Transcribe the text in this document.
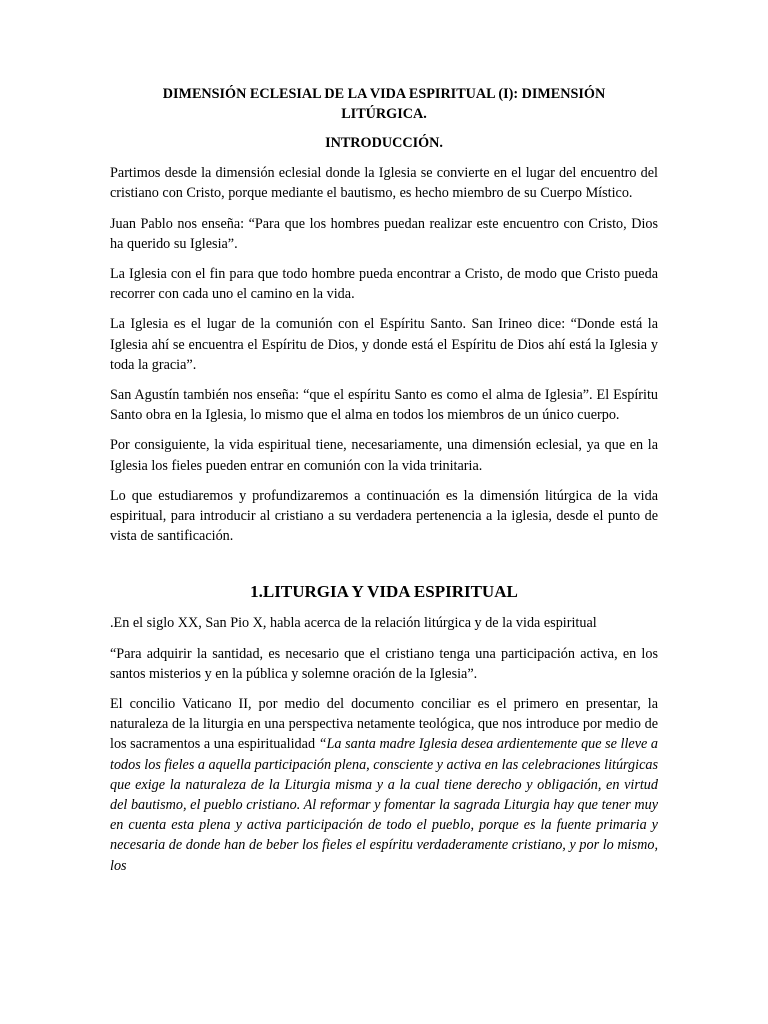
DIMENSIÓN ECLESIAL DE LA VIDA ESPIRITUAL (I): DIMENSIÓN LITÚRGICA.
INTRODUCCIÓN.

Partimos desde la dimensión eclesial donde la Iglesia se convierte en el lugar del encuentro del cristiano con Cristo, porque mediante el bautismo, es hecho miembro de su Cuerpo Místico.

Juan Pablo nos enseña: “Para que los hombres puedan realizar este encuentro con Cristo, Dios ha querido su Iglesia”.

La Iglesia con el fin para que todo hombre pueda encontrar a Cristo, de modo que Cristo pueda recorrer con cada uno el camino en la vida.

La Iglesia es el lugar de la comunión con el Espíritu Santo. San Irineo dice: “Donde está la Iglesia ahí se encuentra el Espíritu de Dios, y donde está el Espíritu de Dios ahí está la Iglesia y toda la gracia”.

San Agustín también nos enseña: “que el espíritu Santo es como el alma de Iglesia”. El Espíritu Santo obra en la Iglesia, lo mismo que el alma en todos los miembros de un único cuerpo.

Por consiguiente, la vida espiritual tiene, necesariamente, una dimensión eclesial, ya que en la Iglesia los fieles pueden entrar en comunión con la vida trinitaria.

Lo que estudiaremos y profundizaremos a continuación es la dimensión litúrgica de la vida espiritual, para introducir al cristiano a su verdadera pertenencia a la iglesia, desde el punto de vista de santificación.

1.LITURGIA Y VIDA ESPIRITUAL

.En el siglo XX, San Pio X, habla acerca de la relación litúrgica y de la vida espiritual

“Para adquirir la santidad, es necesario que el cristiano tenga una participación activa, en los santos misterios y en la pública y solemne oración de la Iglesia”.

El concilio Vaticano II, por medio del documento conciliar es el primero en presentar, la naturaleza de la liturgia en una perspectiva netamente teológica, que nos introduce por medio de los sacramentos a una espiritualidad “La santa madre Iglesia desea ardientemente que se lleve a todos los fieles a aquella participación plena, consciente y activa en las celebraciones litúrgicas que exige la naturaleza de la Liturgia misma y a la cual tiene derecho y obligación, en virtud del bautismo, el pueblo cristiano. Al reformar y fomentar la sagrada Liturgia hay que tener muy en cuenta esta plena y activa participación de todo el pueblo, porque es la fuente primaria y necesaria de donde han de beber los fieles el espíritu verdaderamente cristiano, y por lo mismo, los
